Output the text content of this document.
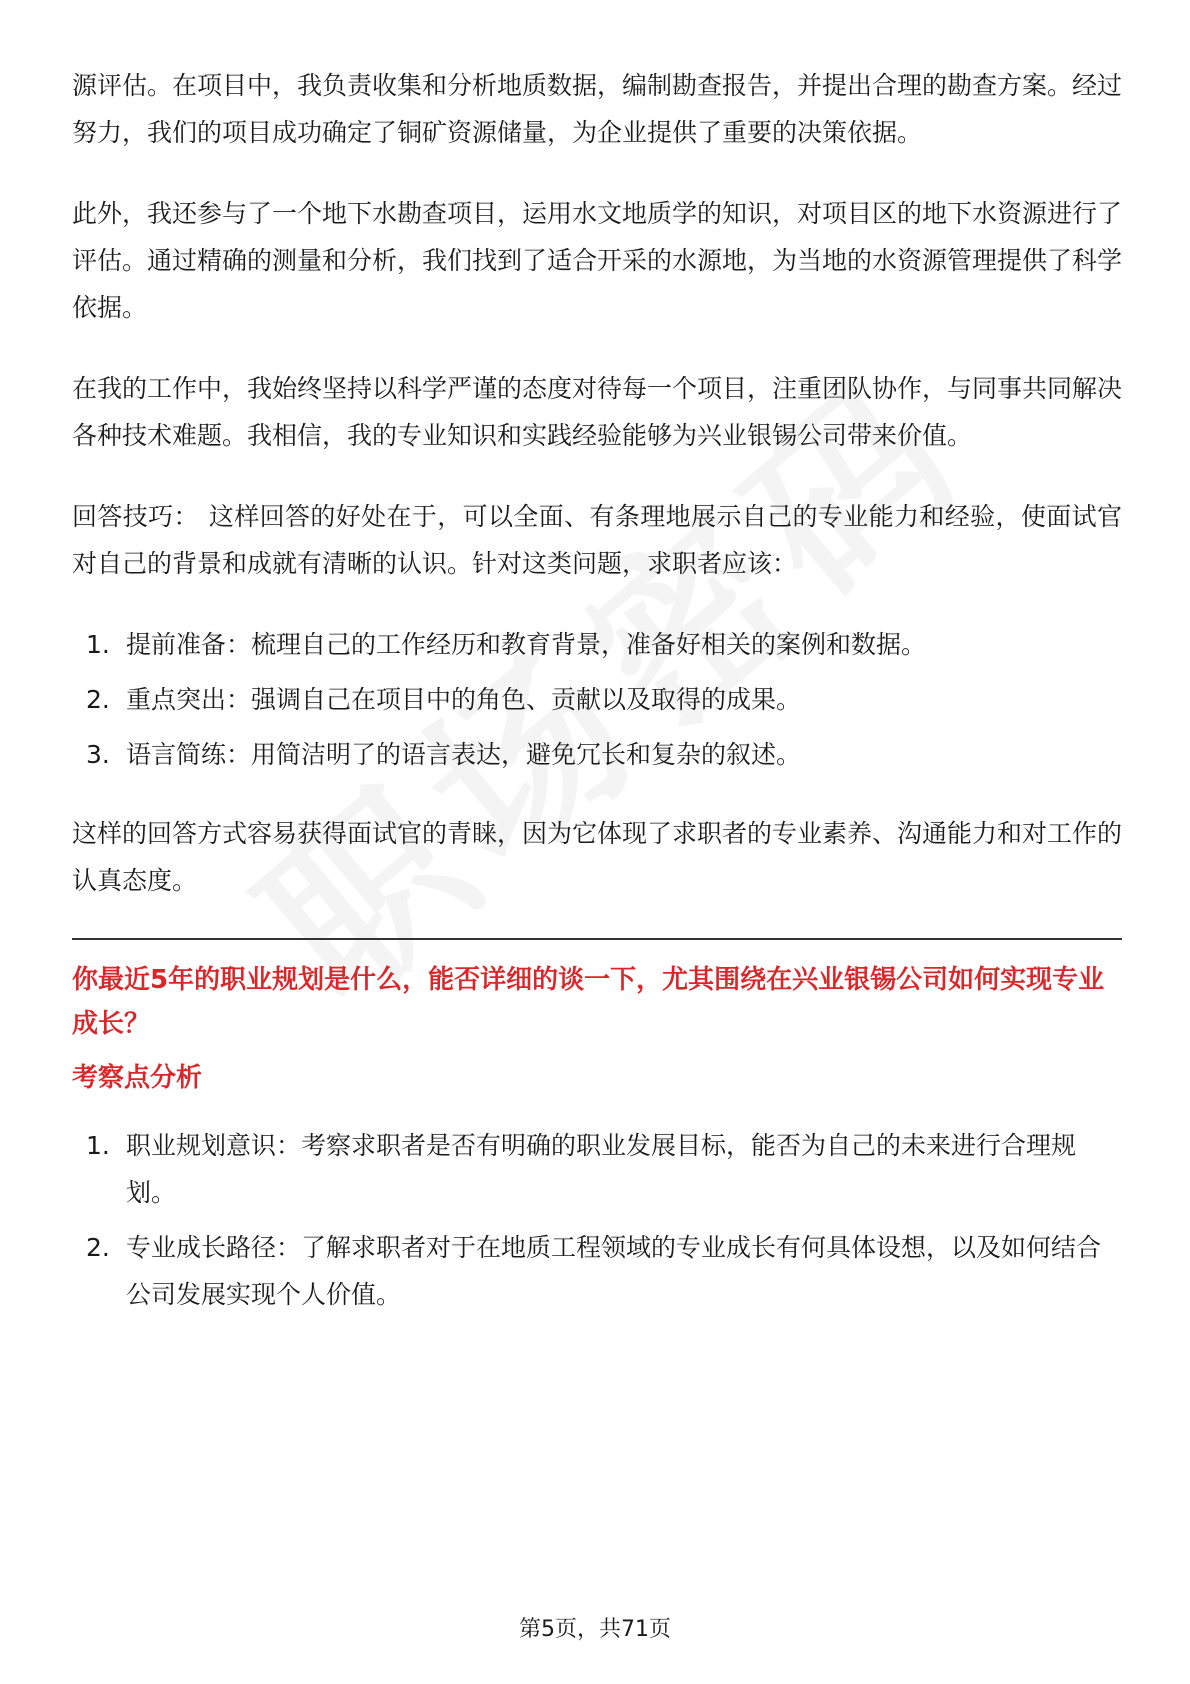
源评估。在项目中，我负责收集和分析地质数据，编制勘查报告，并提出合理的勘查方案。经过努力，我们的项目成功确定了铜矿资源储量，为企业提供了重要的决策依据。

此外，我还参与了一个地下水勘查项目，运用水文地质学的知识，对项目区的地下水资源进行了评估。通过精确的测量和分析，我们找到了适合开采的水源地，为当地的水资源管理提供了科学依据。

在我的工作中，我始终坚持以科学严谨的态度对待每一个项目，注重团队协作，与同事共同解决各种技术难题。我相信，我的专业知识和实践经验能够为兴业银锡公司带来价值。

回答技巧： 这样回答的好处在于，可以全面、有条理地展示自己的专业能力和经验，使面试官对自己的背景和成就有清晰的认识。针对这类问题，求职者应该：

1. 提前准备：梳理自己的工作经历和教育背景，准备好相关的案例和数据。
2. 重点突出：强调自己在项目中的角色、贡献以及取得的成果。
3. 语言简练：用简洁明了的语言表达，避免冗长和复杂的叙述。

这样的回答方式容易获得面试官的青睐，因为它体现了求职者的专业素养、沟通能力和对工作的认真态度。

你最近5年的职业规划是什么，能否详细的谈一下，尤其围绕在兴业银锡公司如何实现专业成长？
考察点分析
1. 职业规划意识：考察求职者是否有明确的职业发展目标，能否为自己的未来进行合理规划。
2. 专业成长路径：了解求职者对于在地质工程领域的专业成长有何具体设想，以及如何结合公司发展实现个人价值。
第5页，共71页
